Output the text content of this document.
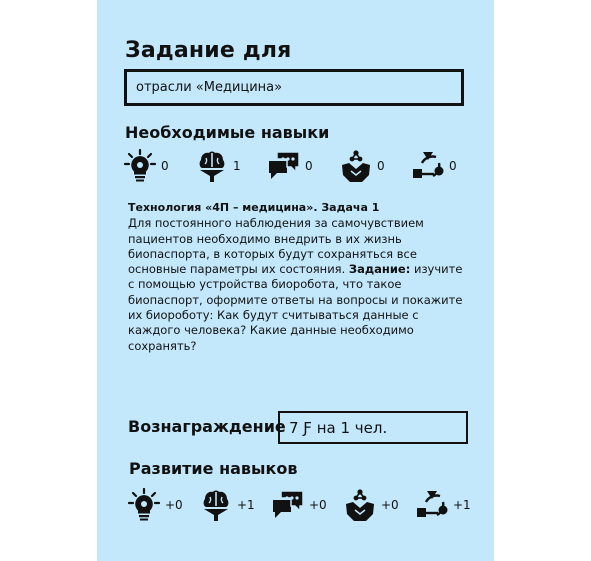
Задание для
отрасли «Медицина»
Необходимые навыки
0	1	0	0	0
Технология «4П – медицина». Задача 1
Для постоянного наблюдения за самочувствием пациентов необходимо внедрить в их жизнь биопаспорта, в которых будут сохраняться все основные параметры их состояния. Задание: изучите с помощью устройства биоробота, что такое биопаспорт, оформите ответы на вопросы и покажите их биороботу: Как будут считываться данные с каждого человека? Какие данные необходимо сохранять?
Вознаграждение 7 Ƒ на 1 чел.
Развитие навыков
+0	+1	+0	+0	+1
